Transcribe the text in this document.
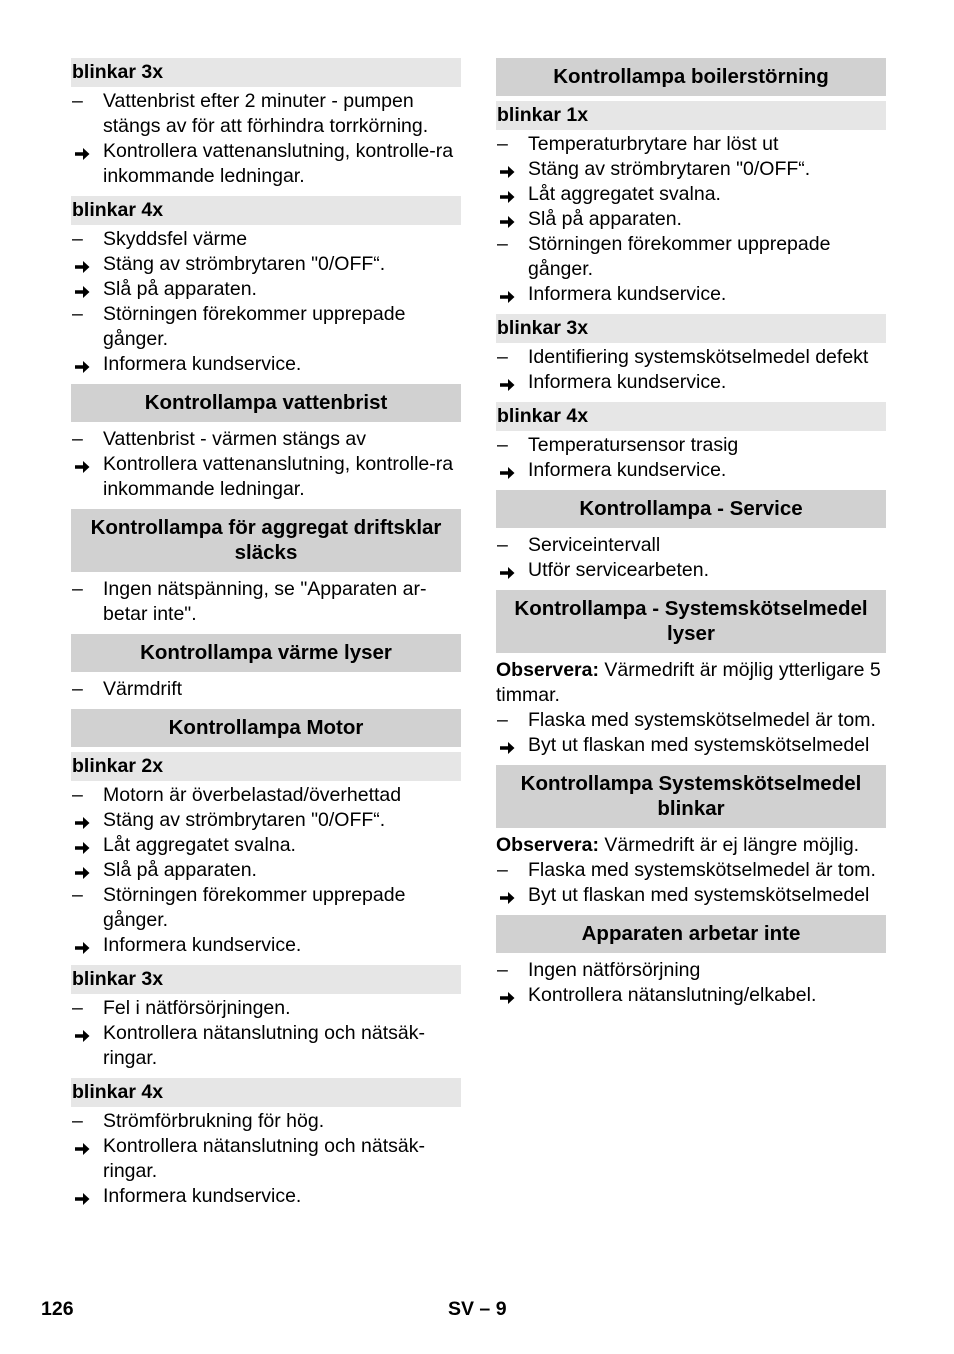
blinkar 3x
–	Vattenbrist efter 2 minuter - pumpen stängs av för att förhindra torrkörning.
Kontrollera vattenanslutning, kontrolle-ra inkommande ledningar.
blinkar 4x
–	Skyddsfel värme
Stäng av strömbrytaren "0/OFF“.
Slå på apparaten.
–	Störningen förekommer upprepade gånger.
Informera kundservice.
Kontrollampa vattenbrist
–	Vattenbrist - värmen stängs av
Kontrollera vattenanslutning, kontrolle-ra inkommande ledningar.
Kontrollampa för aggregat driftsklar släcks
–	Ingen nätspänning, se "Apparaten ar-betar inte".
Kontrollampa värme lyser
–	Värmdrift
Kontrollampa Motor
blinkar 2x
–	Motorn är överbelastad/överhettad
Stäng av strömbrytaren "0/OFF“.
Låt aggregatet svalna.
Slå på apparaten.
–	Störningen förekommer upprepade gånger.
Informera kundservice.
blinkar 3x
–	Fel i nätförsörjningen.
Kontrollera nätanslutning och nätsäk-ringar.
blinkar 4x
–	Strömförbrukning för hög.
Kontrollera nätanslutning och nätsäk-ringar.
Informera kundservice.
Kontrollampa boilerstörning
blinkar 1x
–	Temperaturbrytare har löst ut
Stäng av strömbrytaren "0/OFF“.
Låt aggregatet svalna.
Slå på apparaten.
–	Störningen förekommer upprepade gånger.
Informera kundservice.
blinkar 3x
–	Identifiering systemskötselmedel defekt
Informera kundservice.
blinkar 4x
–	Temperatursensor trasig
Informera kundservice.
Kontrollampa - Service
–	Serviceintervall
Utför servicearbeten.
Kontrollampa - Systemskötselmedel lyser
Observera: Värmedrift är möjlig ytterligare 5 timmar.
–	Flaska med systemskötselmedel är tom.
Byt ut flaskan med systemskötselmedel
Kontrollampa Systemskötselmedel blinkar
Observera: Värmedrift är ej längre möjlig.
–	Flaska med systemskötselmedel är tom.
Byt ut flaskan med systemskötselmedel
Apparaten arbetar inte
–	Ingen nätförsörjning
Kontrollera nätanslutning/elkabel.
126	SV – 9
